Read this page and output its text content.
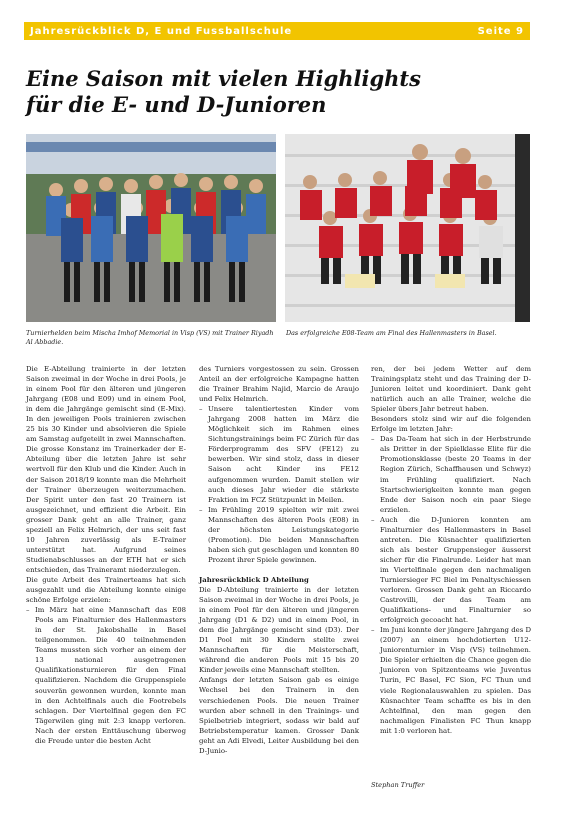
Jahresrückblick D, E und Fussballschule	Seite 9
Eine Saison mit vielen Highlights
für die E- und D-Junioren

Turnierhelden beim Mischa Imhof Memorial in Visp (VS) mit Trainer Riyadh Al Abbadie.

Das erfolgreiche E08-Team am Final des Hallenmasters in Basel.

Die E-Abteilung trainierte in der letzten Saison zweimal in der Woche in drei Pools, je in einem Pool für den älteren und jüngeren Jahrgang (E08 und E09) und in einem Pool, in dem die Jahrgänge gemischt sind (E-Mix). In den jeweiligen Pools trainieren zwischen 25 bis 30 Kinder und absolvieren die Spiele am Samstag aufgeteilt in zwei Mannschaften. Die grosse Konstanz im Trainerkader der E-Abteilung über die letzten Jahre ist sehr wertvoll für den Klub und die Kinder. Auch in der Saison 2018/19 konnte man die Mehrheit der Trainer überzeugen weiterzumachen. Der Spirit unter den fast 20 Trainern ist ausgezeichnet, und effizient die Arbeit. Ein grosser Dank geht an alle Trainer, ganz speziell an Felix Helmrich, der uns seit fast 10 Jahren zuverlässig als E-Trainer unterstützt hat. Aufgrund seines Studienabschlusses an der ETH hat er sich entschieden, das Traineramt niederzulegen.

Die gute Arbeit des Trainerteams hat sich ausgezahlt und die Abteilung konnte einige schöne Erfolge erzielen:

– Im März hat eine Mannschaft das E08 Pools am Finalturnier des Hallenmasters in der St. Jakobshalle in Basel teilgenommen. Die 40 teilnehmenden Teams mussten sich vorher an einem der 13 national ausgetragenen Qualifikationsturnieren für den Final qualifizieren. Nachdem die Gruppenspiele souverän gewonnen wurden, konnte man in den Achtelfinals auch die Footrebels schlagen. Der Viertelfinal gegen den FC Tägerwilen ging mit 2:3 knapp verloren. Nach der ersten Enttäuschung überwog die Freude unter die besten Acht

des Turniers vorgestossen zu sein. Grossen Anteil an der erfolgreiche Kampagne hatten die Trainer Brahim Najid, Marcio de Araujo und Felix Helmrich.

– Unsere talentiertesten Kinder vom Jahrgang 2008 hatten im März die Möglichkeit sich im Rahmen eines Sichtungstrainings beim FC Zürich für das Förderprogramm des SFV (FE12) zu bewerben. Wir sind stolz, dass in dieser Saison acht Kinder ins FE12 aufgenommen wurden. Damit stellen wir auch dieses Jahr wieder die stärkste Fraktion im FCZ Stützpunkt in Meilen.
– Im Frühling 2019 spielten wir mit zwei Mannschaften des älteren Pools (E08) in der höchsten Leistungskategorie (Promotion). Die beiden Mannschaften haben sich gut geschlagen und konnten 80 Prozent ihrer Spiele gewinnen.

Jahresrückblick D Abteilung

Die D-Abteilung trainierte in der letzten Saison zweimal in der Woche in drei Pools, je in einem Pool für den älteren und jüngeren Jahrgang (D1 & D2) und in einem Pool, in dem die Jahrgänge gemischt sind (D3). Der D1 Pool mit 30 Kindern stellte zwei Mannschaften für die Meisterschaft, während die anderen Pools mit 15 bis 20 Kinder jeweils eine Mannschaft stellten.

Anfangs der letzten Saison gab es einige Wechsel bei den Trainern in den verschiedenen Pools. Die neuen Trainer wurden aber schnell in den Trainings- und Spielbetrieb integriert, sodass wir bald auf Betriebstemperatur kamen. Grosser Dank geht an Adi Elvedi, Leiter Ausbildung bei den D-Junio-

ren, der bei jedem Wetter auf dem Trainingsplatz steht und das Training der D-Junioren leitet und koordiniert. Dank geht natürlich auch an alle Trainer, welche die Spieler übers Jahr betreut haben.

Besonders stolz sind wir auf die folgenden Erfolge im letzten Jahr:

– Das Da-Team hat sich in der Herbstrunde als Dritter in der Spielklasse Elite für die Promotionsklasse (beste 20 Teams in der Region Zürich, Schaffhausen und Schwyz) im Frühling qualifiziert. Nach Startschwierigkeiten konnte man gegen Ende der Saison noch ein paar Siege erzielen.
– Auch die D-Junioren konnten am Finalturnier des Hallenmasters in Basel antreten. Die Küsnachter qualifizierten sich als bester Gruppensieger äusserst sicher für die Finalrunde. Leider hat man im Viertelfinale gegen den nachmaligen Turniersieger FC Biel im Penaltyschiessen verloren. Grossen Dank geht an Riccardo Castrovilli, der das Team am Qualifikations- und Finalturnier so erfolgreich gecoacht hat.
– Im Juni konnte der jüngere Jahrgang des D (2007) an einem hochdotierten U12-Juniorenturnier in Visp (VS) teilnehmen. Die Spieler erhielten die Chance gegen die Junioren von Spitzenteams wie Juventus Turin, FC Basel, FC Sion, FC Thun und viele Regionalauswahlen zu spielen. Das Küsnachter Team schaffte es bis in den Achtelfinal, den man gegen den nachmaligen Finalisten FC Thun knapp mit 1:0 verloren hat.
Stephan Truffer
